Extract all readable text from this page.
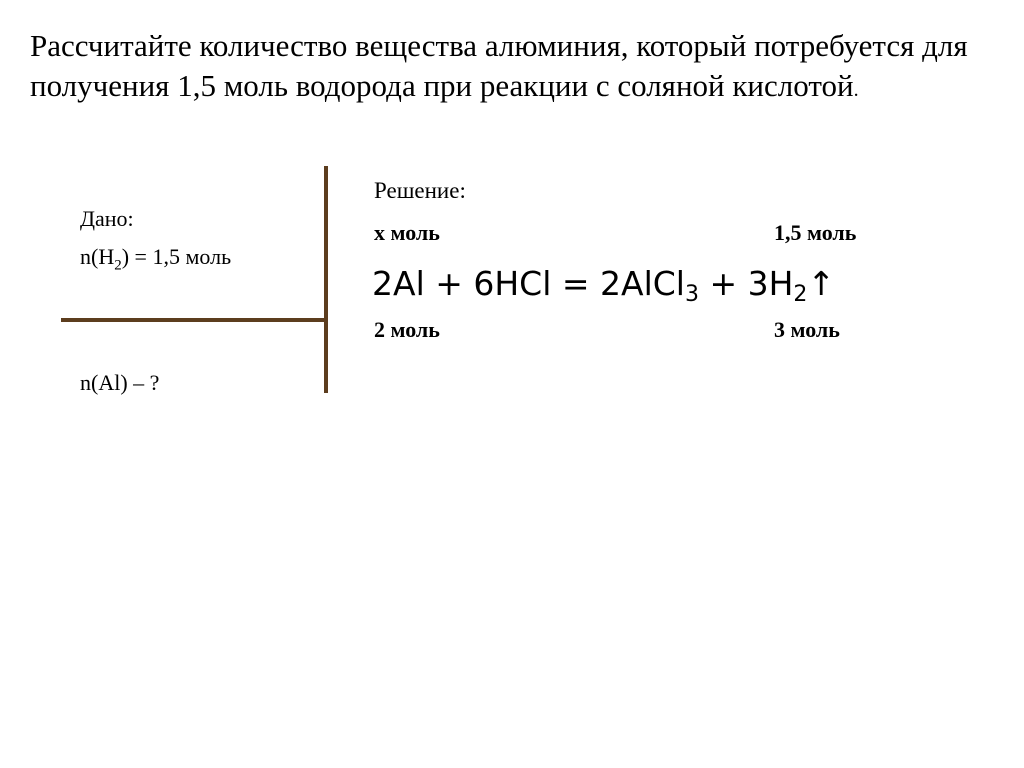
Рассчитайте количество вещества алюминия, который потребуется для получения 1,5 моль водорода при реакции с соляной кислотой.

Дано:
$n(H_2) = 1,5$ моль
n(Al) – ?
Решение:
x моль	1,5 моль
2Al + 6HCl = 2AlCl$_3$ + $3H_2↑$
2 моль	3 моль
